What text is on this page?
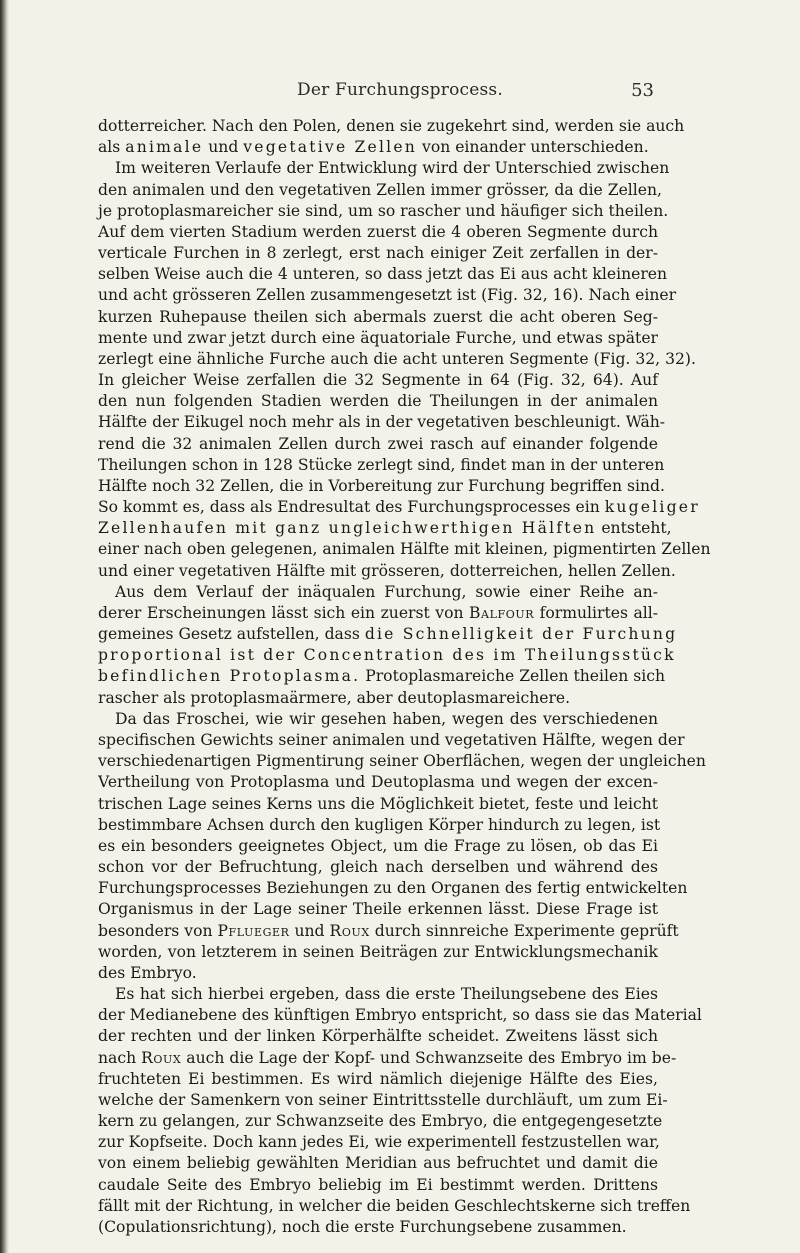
Der Furchungsprocess.	53
dotterreicher. Nach den Polen, denen sie zugekehrt sind, werden sie auch
als animale und vegetative Zellen von einander unterschieden.
Im weiteren Verlaufe der Entwicklung wird der Unterschied zwischen
den animalen und den vegetativen Zellen immer grösser, da die Zellen,
je protoplasmareicher sie sind, um so rascher und häufiger sich theilen.
Auf dem vierten Stadium werden zuerst die 4 oberen Segmente durch
verticale Furchen in 8 zerlegt, erst nach einiger Zeit zerfallen in der-
selben Weise auch die 4 unteren, so dass jetzt das Ei aus acht kleineren
und acht grösseren Zellen zusammengesetzt ist (Fig. 32, 16). Nach einer
kurzen Ruhepause theilen sich abermals zuerst die acht oberen Seg-
mente und zwar jetzt durch eine äquatoriale Furche, und etwas später
zerlegt eine ähnliche Furche auch die acht unteren Segmente (Fig. 32, 32).
In gleicher Weise zerfallen die 32 Segmente in 64 (Fig. 32, 64). Auf
den nun folgenden Stadien werden die Theilungen in der animalen
Hälfte der Eikugel noch mehr als in der vegetativen beschleunigt. Wäh-
rend die 32 animalen Zellen durch zwei rasch auf einander folgende
Theilungen schon in 128 Stücke zerlegt sind, findet man in der unteren
Hälfte noch 32 Zellen, die in Vorbereitung zur Furchung begriffen sind.
So kommt es, dass als Endresultat des Furchungsprocesses ein kugeliger
Zellenhaufen mit ganz ungleichwerthigen Hälften entsteht,
einer nach oben gelegenen, animalen Hälfte mit kleinen, pigmentirten Zellen
und einer vegetativen Hälfte mit grösseren, dotterreichen, hellen Zellen.
Aus dem Verlauf der inäqualen Furchung, sowie einer Reihe an-
derer Erscheinungen lässt sich ein zuerst von Balfour formulirtes all-
gemeines Gesetz aufstellen, dass die Schnelligkeit der Furchung
proportional ist der Concentration des im Theilungsstück
befindlichen Protoplasma. Protoplasmareiche Zellen theilen sich
rascher als protoplasmaärmere, aber deutoplasmareichere.
Da das Froschei, wie wir gesehen haben, wegen des verschiedenen
specifischen Gewichts seiner animalen und vegetativen Hälfte, wegen der
verschiedenartigen Pigmentirung seiner Oberflächen, wegen der ungleichen
Vertheilung von Protoplasma und Deutoplasma und wegen der excen-
trischen Lage seines Kerns uns die Möglichkeit bietet, feste und leicht
bestimmbare Achsen durch den kugligen Körper hindurch zu legen, ist
es ein besonders geeignetes Object, um die Frage zu lösen, ob das Ei
schon vor der Befruchtung, gleich nach derselben und während des
Furchungsprocesses Beziehungen zu den Organen des fertig entwickelten
Organismus in der Lage seiner Theile erkennen lässt. Diese Frage ist
besonders von Pflueger und Roux durch sinnreiche Experimente geprüft
worden, von letzterem in seinen Beiträgen zur Entwicklungsmechanik
des Embryo.
Es hat sich hierbei ergeben, dass die erste Theilungsebene des Eies
der Medianebene des künftigen Embryo entspricht, so dass sie das Material
der rechten und der linken Körperhälfte scheidet. Zweitens lässt sich
nach Roux auch die Lage der Kopf- und Schwanzseite des Embryo im be-
fruchteten Ei bestimmen. Es wird nämlich diejenige Hälfte des Eies,
welche der Samenkern von seiner Eintrittsstelle durchläuft, um zum Ei-
kern zu gelangen, zur Schwanzseite des Embryo, die entgegengesetzte
zur Kopfseite. Doch kann jedes Ei, wie experimentell festzustellen war,
von einem beliebig gewählten Meridian aus befruchtet und damit die
caudale Seite des Embryo beliebig im Ei bestimmt werden. Drittens
fällt mit der Richtung, in welcher die beiden Geschlechtskerne sich treffen
(Copulationsrichtung), noch die erste Furchungsebene zusammen.
